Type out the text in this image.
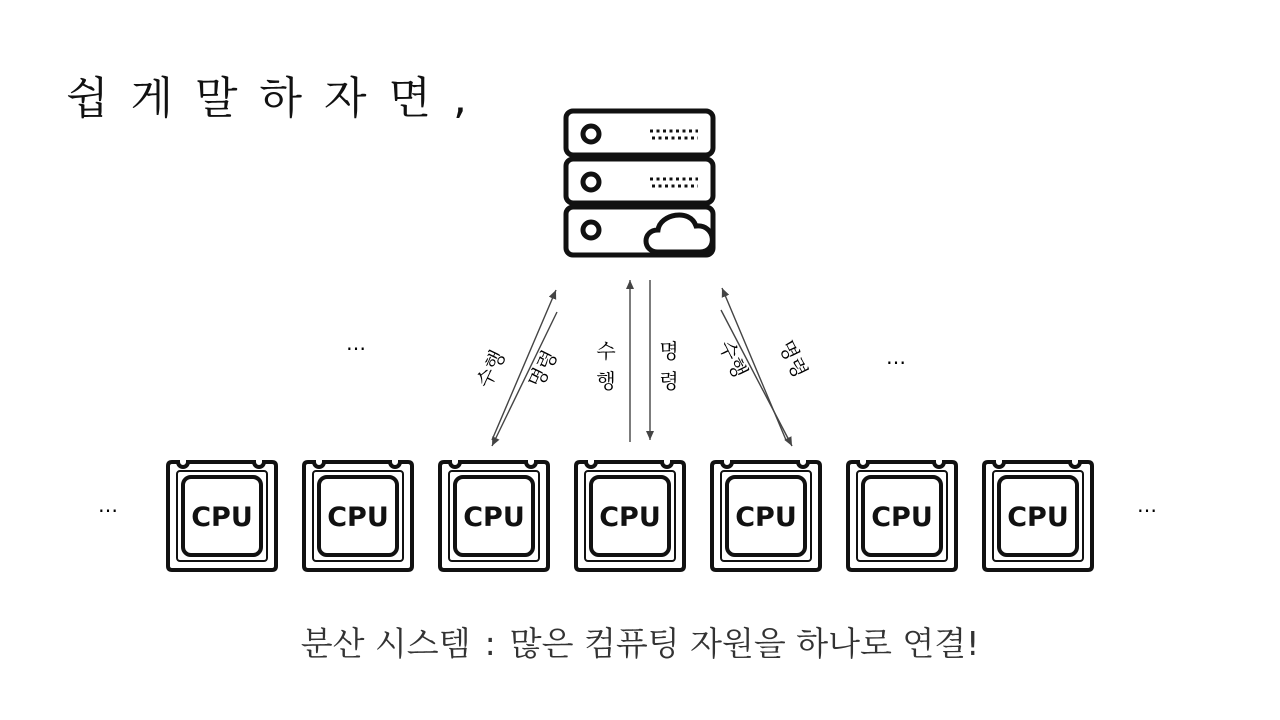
쉽게말하자면,
수행 명령 수
행
명
령 수행 명령
…
…
…	…
CPU	CPU	CPU	CPU	CPU	CPU	CPU
분산 시스템 : 많은 컴퓨팅 자원을 하나로 연결!
